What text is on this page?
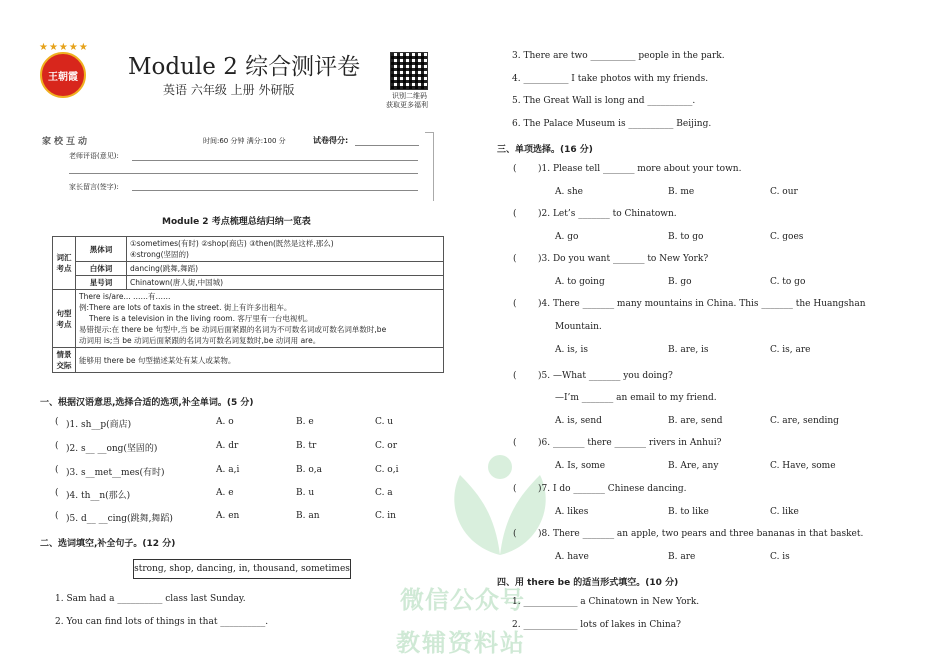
微信公众号
教辅资料站
★★★★★
王朝霞 Module 2 综合测评卷
英语 六年级 上册 外研版	识别二维码
获取更多福利
家校互动	时间:60 分钟 满分:100 分	试卷得分:
老师评语(意见):
家长留言(签字):
Module 2 考点梳理总结归纳一览表
词汇考点	黑体词	①sometimes(有时) ②shop(商店) ③then(既然是这样,那么)
④strong(坚固的)

	白体词	dancing(跳舞,舞蹈)
	星号词	Chinatown(唐人街,中国城)
句型考点	There is/are... ……有……
例:There are lots of taxis in the street. 街上有许多出租车。
There is a television in the living room. 客厅里有一台电视机。
易错提示:在 there be 句型中,当 be 动词后面紧跟的名词为不可数名词或可数名词单数时,be
动词用 is;当 be 动词后面紧跟的名词为可数名词复数时,be 动词用 are。	

情景交际	能够用 there be 句型描述某处有某人或某物。	
一、根据汉语意思,选择合适的选项,补全单词。(5 分)
( )1. sh__p(商店)	A. o	B. e	C. u
( )2. s__ __ong(坚固的)	A. dr	B. tr	C. or
( )3. s__met__mes(有时)	A. a,i	B. o,a	C. o,i
( )4. th__n(那么)	A. e	B. u	C. a
( )5. d__ __cing(跳舞,舞蹈)	A. en	B. an	C. in
二、选词填空,补全句子。(12 分)
strong, shop, dancing, in, thousand, sometimes
1. Sam had a __________ class last Sunday.
2. You can find lots of things in that __________.
3. There are two __________ people in the park.
4. __________ I take photos with my friends.
5. The Great Wall is long and __________.
6. The Palace Museum is __________ Beijing.
三、单项选择。(16 分)
( )1. Please tell _______ more about your town.
A. she	B. me	C. our
( )2. Let’s _______ to Chinatown.
A. go	B. to go	C. goes
( )3. Do you want _______ to New York?
A. to going	B. go	C. to go
( )4. There _______ many mountains in China. This _______ the Huangshan
Mountain.
A. is, is	B. are, is	C. is, are
( )5. —What _______ you doing?
—I’m _______ an email to my friend.
A. is, send	B. are, send	C. are, sending
( )6. _______ there _______ rivers in Anhui?
A. Is, some	B. Are, any	C. Have, some
( )7. I do _______ Chinese dancing.
A. likes	B. to like	C. like
( )8. There _______ an apple, two pears and three bananas in that basket.
A. have	B. are	C. is
四、用 there be 的适当形式填空。(10 分)
1. ____________ a Chinatown in New York.
2. ____________ lots of lakes in China?
